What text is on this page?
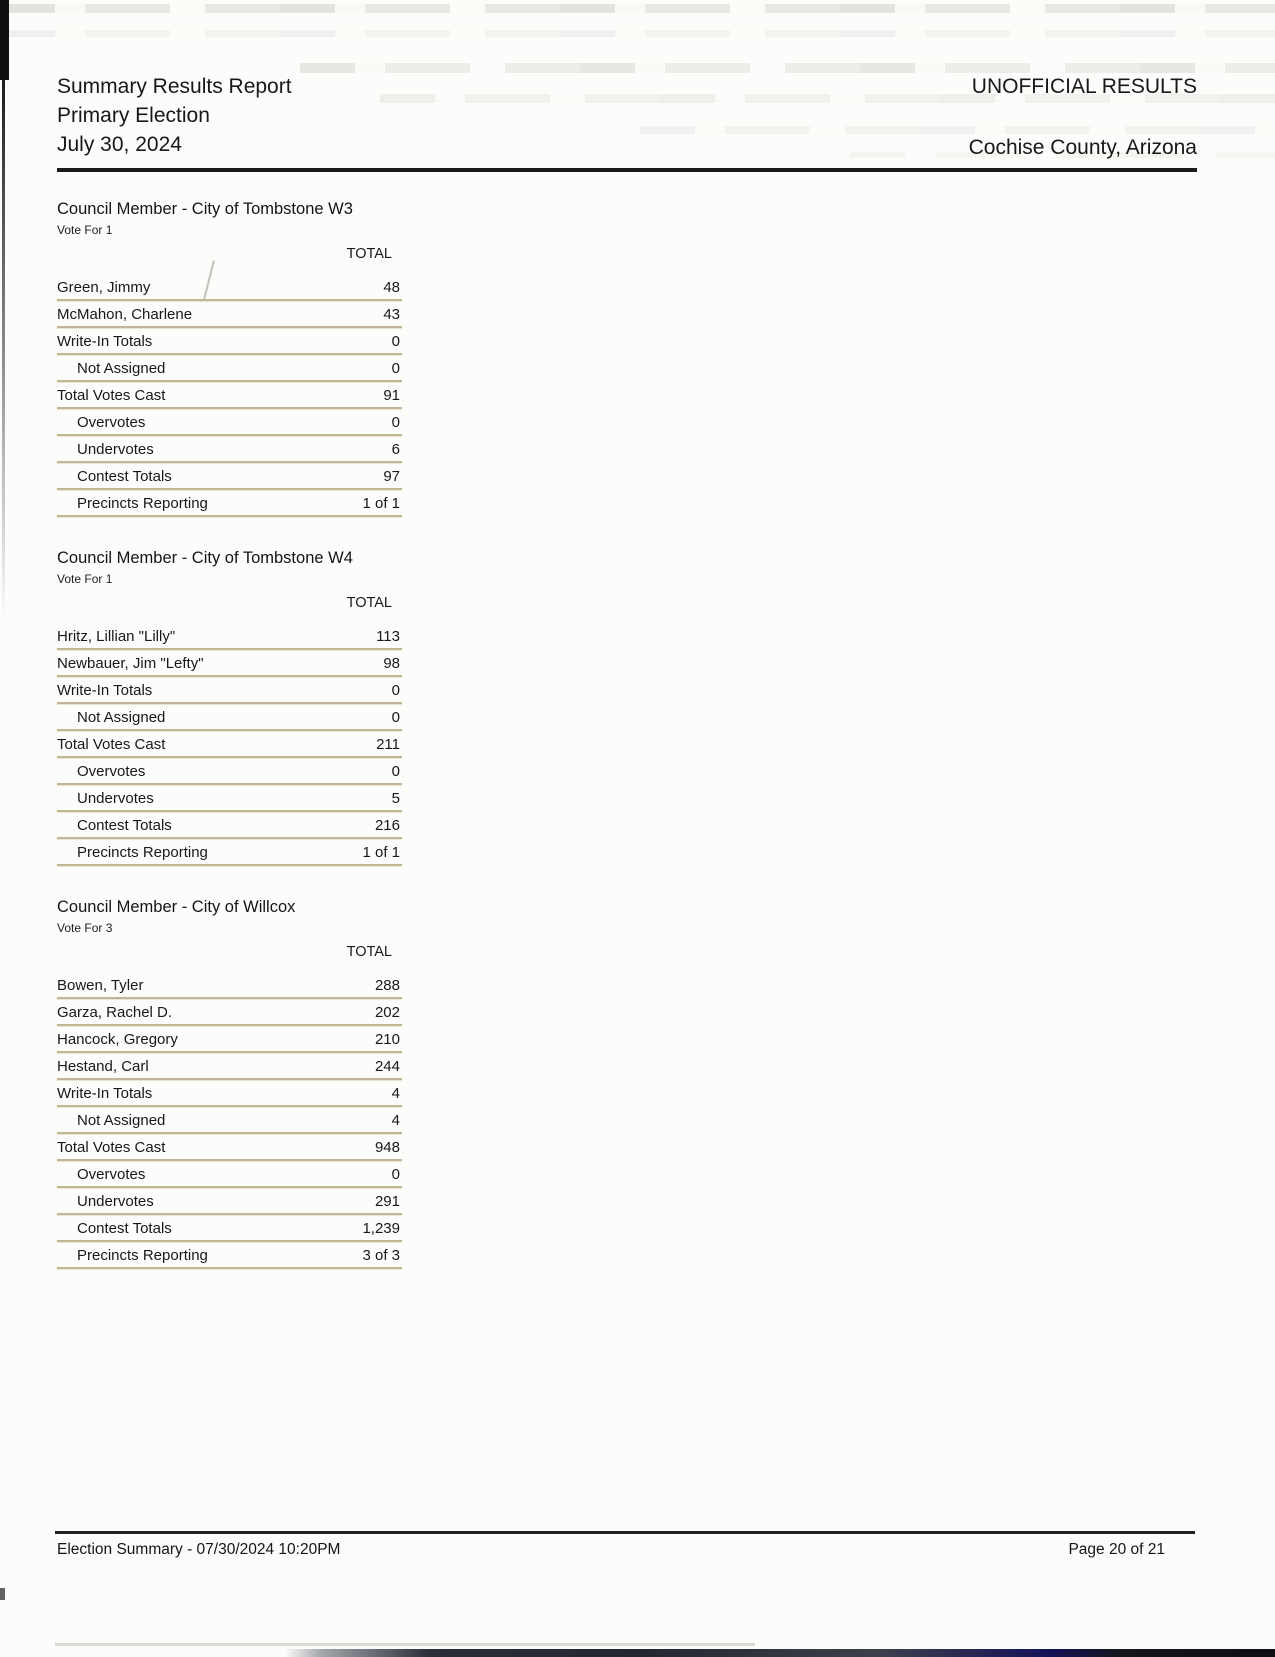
Summary Results Report
Primary Election
July 30, 2024
UNOFFICIAL RESULTS
Cochise County, Arizona
Council Member - City of Tombstone W3
Vote For 1
TOTAL
Green, Jimmy	48
McMahon, Charlene	43
Write-In Totals	0
Not Assigned	0
Total Votes Cast	91
Overvotes	0
Undervotes	6
Contest Totals	97
Precincts Reporting	1 of 1
Council Member - City of Tombstone W4
Vote For 1
TOTAL
Hritz, Lillian "Lilly"	113
Newbauer, Jim "Lefty"	98
Write-In Totals	0
Not Assigned	0
Total Votes Cast	211
Overvotes	0
Undervotes	5
Contest Totals	216
Precincts Reporting	1 of 1
Council Member - City of Willcox
Vote For 3
TOTAL
Bowen, Tyler	288
Garza, Rachel D.	202
Hancock, Gregory	210
Hestand, Carl	244
Write-In Totals	4
Not Assigned	4
Total Votes Cast	948
Overvotes	0
Undervotes	291
Contest Totals	1,239
Precincts Reporting	3 of 3
Election Summary - 07/30/2024 10:20PM	Page 20 of 21
